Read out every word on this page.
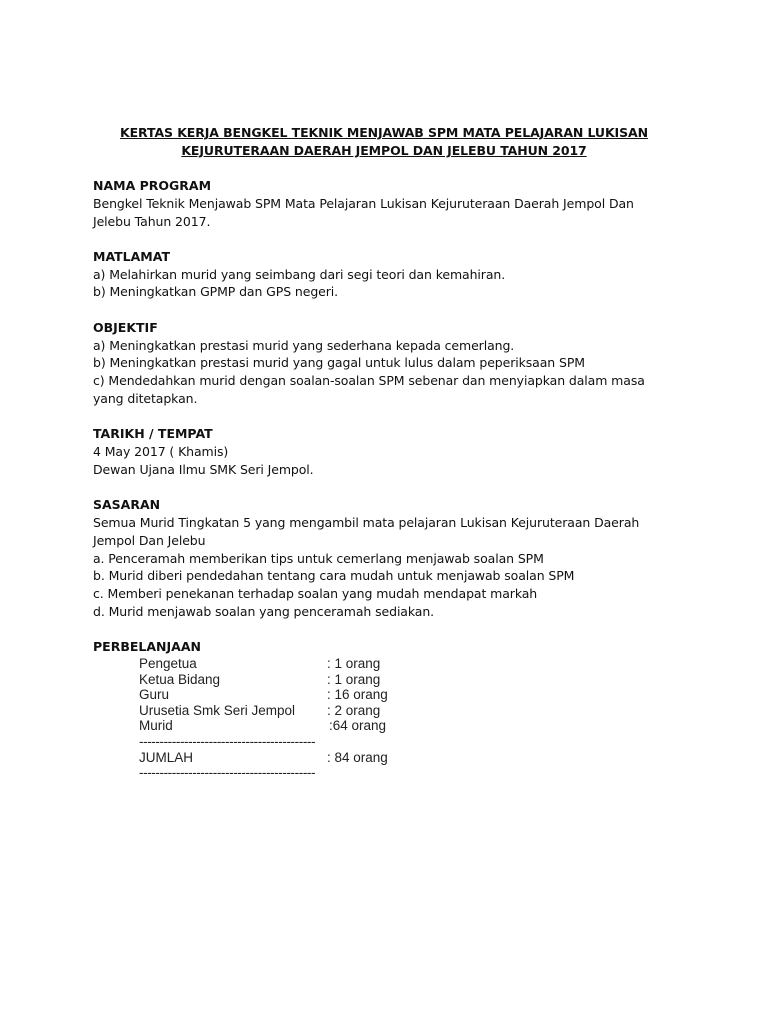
KERTAS KERJA BENGKEL TEKNIK MENJAWAB SPM MATA PELAJARAN LUKISAN
KEJURUTERAAN DAERAH JEMPOL DAN JELEBU TAHUN 2017
NAMA PROGRAM
Bengkel Teknik Menjawab SPM Mata Pelajaran Lukisan Kejuruteraan Daerah Jempol Dan
Jelebu Tahun 2017.
MATLAMAT
a) Melahirkan murid yang seimbang dari segi teori dan kemahiran.
b) Meningkatkan GPMP dan GPS negeri.
OBJEKTIF
a) Meningkatkan prestasi murid yang sederhana kepada cemerlang.
b) Meningkatkan prestasi murid yang gagal untuk lulus dalam peperiksaan SPM
c) Mendedahkan murid dengan soalan-soalan SPM sebenar dan menyiapkan dalam masa
yang ditetapkan.
TARIKH / TEMPAT
4 May 2017 ( Khamis)
Dewan Ujana Ilmu SMK Seri Jempol.
SASARAN
Semua Murid Tingkatan 5 yang mengambil mata pelajaran Lukisan Kejuruteraan Daerah
Jempol Dan Jelebu
a. Penceramah memberikan tips untuk cemerlang menjawab soalan SPM
b. Murid diberi pendedahan tentang cara mudah untuk menjawab soalan SPM
c. Memberi penekanan terhadap soalan yang mudah mendapat markah
d. Murid menjawab soalan yang penceramah sediakan.
PERBELANJAAN
Pengetua	: 1 orang
Ketua Bidang	: 1 orang
Guru	: 16 orang
Urusetia Smk Seri Jempol : 2 orang
Murid	:64 orang
-------------------------------------------
JUMLAH	: 84 orang
-------------------------------------------
